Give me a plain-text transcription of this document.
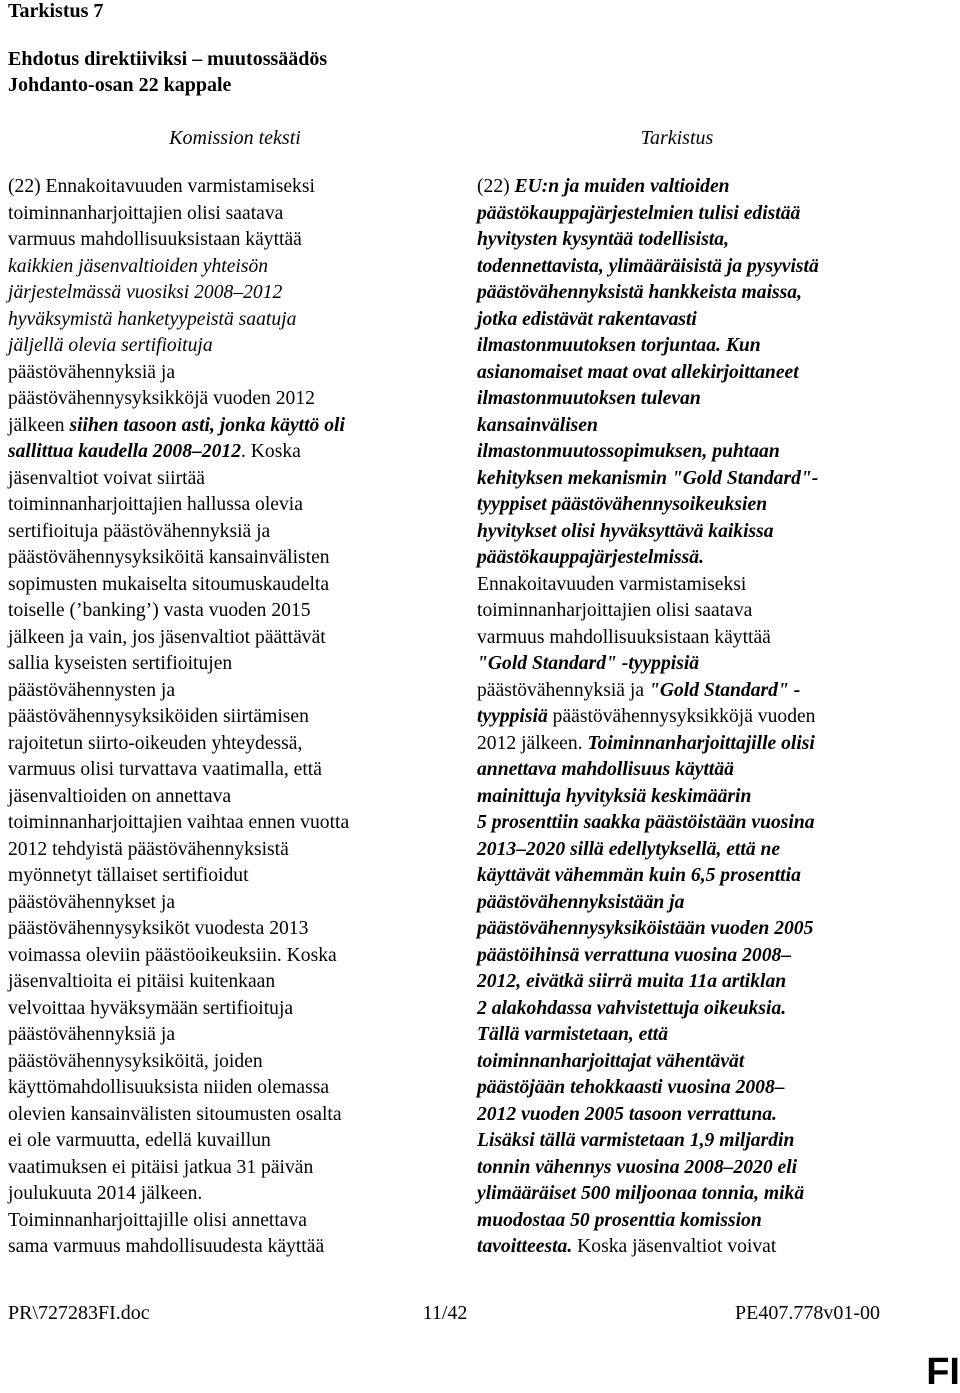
Tarkistus 7
Ehdotus direktiiviksi – muutossäädös
Johdanto-osan 22 kappale
Komission teksti	Tarkistus
(22) Ennakoitavuuden varmistamiseksi
toiminnanharjoittajien olisi saatava
varmuus mahdollisuuksistaan käyttää
kaikkien jäsenvaltioiden yhteisön
järjestelmässä vuosiksi 2008–2012
hyväksymistä hanketyypeistä saatuja
jäljellä olevia sertifioituja
päästövähennyksiä ja
päästövähennysyksikköjä vuoden 2012
jälkeen siihen tasoon asti, jonka käyttö oli
sallittua kaudella 2008–2012. Koska
jäsenvaltiot voivat siirtää
toiminnanharjoittajien hallussa olevia
sertifioituja päästövähennyksiä ja
päästövähennysyksiköitä kansainvälisten
sopimusten mukaiselta sitoumuskaudelta
toiselle (’banking’) vasta vuoden 2015
jälkeen ja vain, jos jäsenvaltiot päättävät
sallia kyseisten sertifioitujen
päästövähennysten ja
päästövähennysyksiköiden siirtämisen
rajoitetun siirto-oikeuden yhteydessä,
varmuus olisi turvattava vaatimalla, että
jäsenvaltioiden on annettava
toiminnanharjoittajien vaihtaa ennen vuotta
2012 tehdyistä päästövähennyksistä
myönnetyt tällaiset sertifioidut
päästövähennykset ja
päästövähennysyksiköt vuodesta 2013
voimassa oleviin päästöoikeuksiin. Koska
jäsenvaltioita ei pitäisi kuitenkaan
velvoittaa hyväksymään sertifioituja
päästövähennyksiä ja
päästövähennysyksiköitä, joiden
käyttömahdollisuuksista niiden olemassa
olevien kansainvälisten sitoumusten osalta
ei ole varmuutta, edellä kuvaillun
vaatimuksen ei pitäisi jatkua 31 päivän
joulukuuta 2014 jälkeen.
Toiminnanharjoittajille olisi annettava
sama varmuus mahdollisuudesta käyttää
(22) EU:n ja muiden valtioiden
päästökauppajärjestelmien tulisi edistää
hyvitysten kysyntää todellisista,
todennettavista, ylimääräisistä ja pysyvistä
päästövähennyksistä hankkeista maissa,
jotka edistävät rakentavasti
ilmastonmuutoksen torjuntaa. Kun
asianomaiset maat ovat allekirjoittaneet
ilmastonmuutoksen tulevan
kansainvälisen
ilmastonmuutossopimuksen, puhtaan
kehityksen mekanismin "Gold Standard"-
tyyppiset päästövähennysoikeuksien
hyvitykset olisi hyväksyttävä kaikissa
päästökauppajärjestelmissä.
Ennakoitavuuden varmistamiseksi
toiminnanharjoittajien olisi saatava
varmuus mahdollisuuksistaan käyttää
"Gold Standard" -tyyppisiä
päästövähennyksiä ja "Gold Standard" -
tyyppisiä päästövähennysyksikköjä vuoden
2012 jälkeen. Toiminnanharjoittajille olisi
annettava mahdollisuus käyttää
mainittuja hyvityksiä keskimäärin
5 prosenttiin saakka päästöistään vuosina
2013–2020 sillä edellytyksellä, että ne
käyttävät vähemmän kuin 6,5 prosenttia
päästövähennyksistään ja
päästövähennysyksiköistään vuoden 2005
päästöihinsä verrattuna vuosina 2008–
2012, eivätkä siirrä muita 11a artiklan
2 alakohdassa vahvistettuja oikeuksia.
Tällä varmistetaan, että
toiminnanharjoittajat vähentävät
päästöjään tehokkaasti vuosina 2008–
2012 vuoden 2005 tasoon verrattuna.
Lisäksi tällä varmistetaan 1,9 miljardin
tonnin vähennys vuosina 2008–2020 eli
ylimääräiset 500 miljoonaa tonnia, mikä
muodostaa 50 prosenttia komission
tavoitteesta. Koska jäsenvaltiot voivat
PR\727283FI.doc	11/42	PE407.778v01-00
FI
